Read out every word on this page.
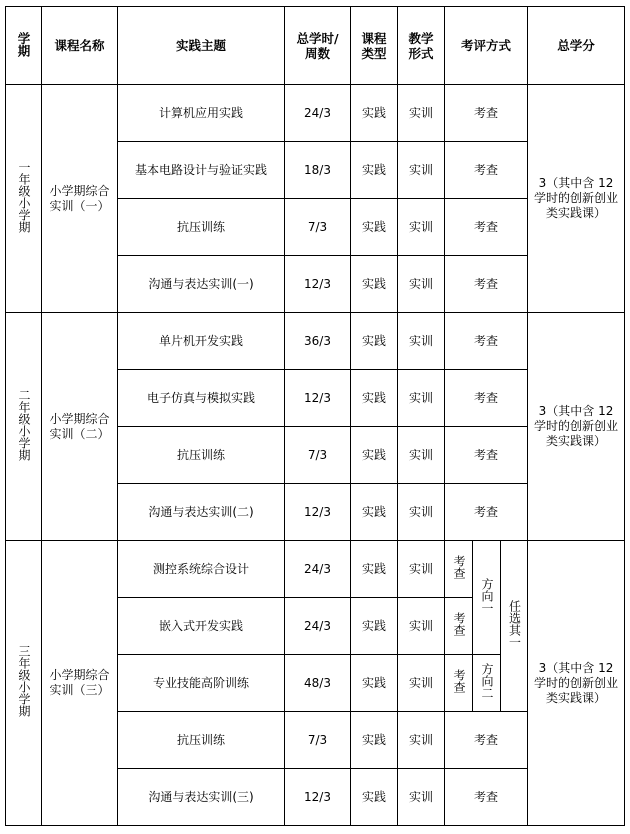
学期	课程名称	实践主题	总学时/周数	课程类型	教学形式	考评方式			总学分
一年级小学期	小学期综合实训（一）	计算机应用实践	24/3	实践	实训	考查			3（其中含 12 学时的创新创业类实践课）
		基本电路设计与验证实践	18/3	实践	实训	考查			
		抗压训练	7/3	实践	实训	考查			
		沟通与表达实训(一)	12/3	实践	实训	考查			
二年级小学期	小学期综合实训（二）	单片机开发实践	36/3	实践	实训	考查			3（其中含 12 学时的创新创业类实践课）
		电子仿真与模拟实践	12/3	实践	实训	考查			
		抗压训练	7/3	实践	实训	考查			
		沟通与表达实训(二)	12/3	实践	实训	考查			
三年级小学期	小学期综合实训（三）	测控系统综合设计	24/3	实践	实训	考查	方向一	任选其一	3（其中含 12 学时的创新创业类实践课）
		嵌入式开发实践	24/3	实践	实训	考查			
		专业技能高阶训练	48/3	实践	实训	考查	方向二		
		抗压训练	7/3	实践	实训	考查			
		沟通与表达实训(三)	12/3	实践	实训	考查			
